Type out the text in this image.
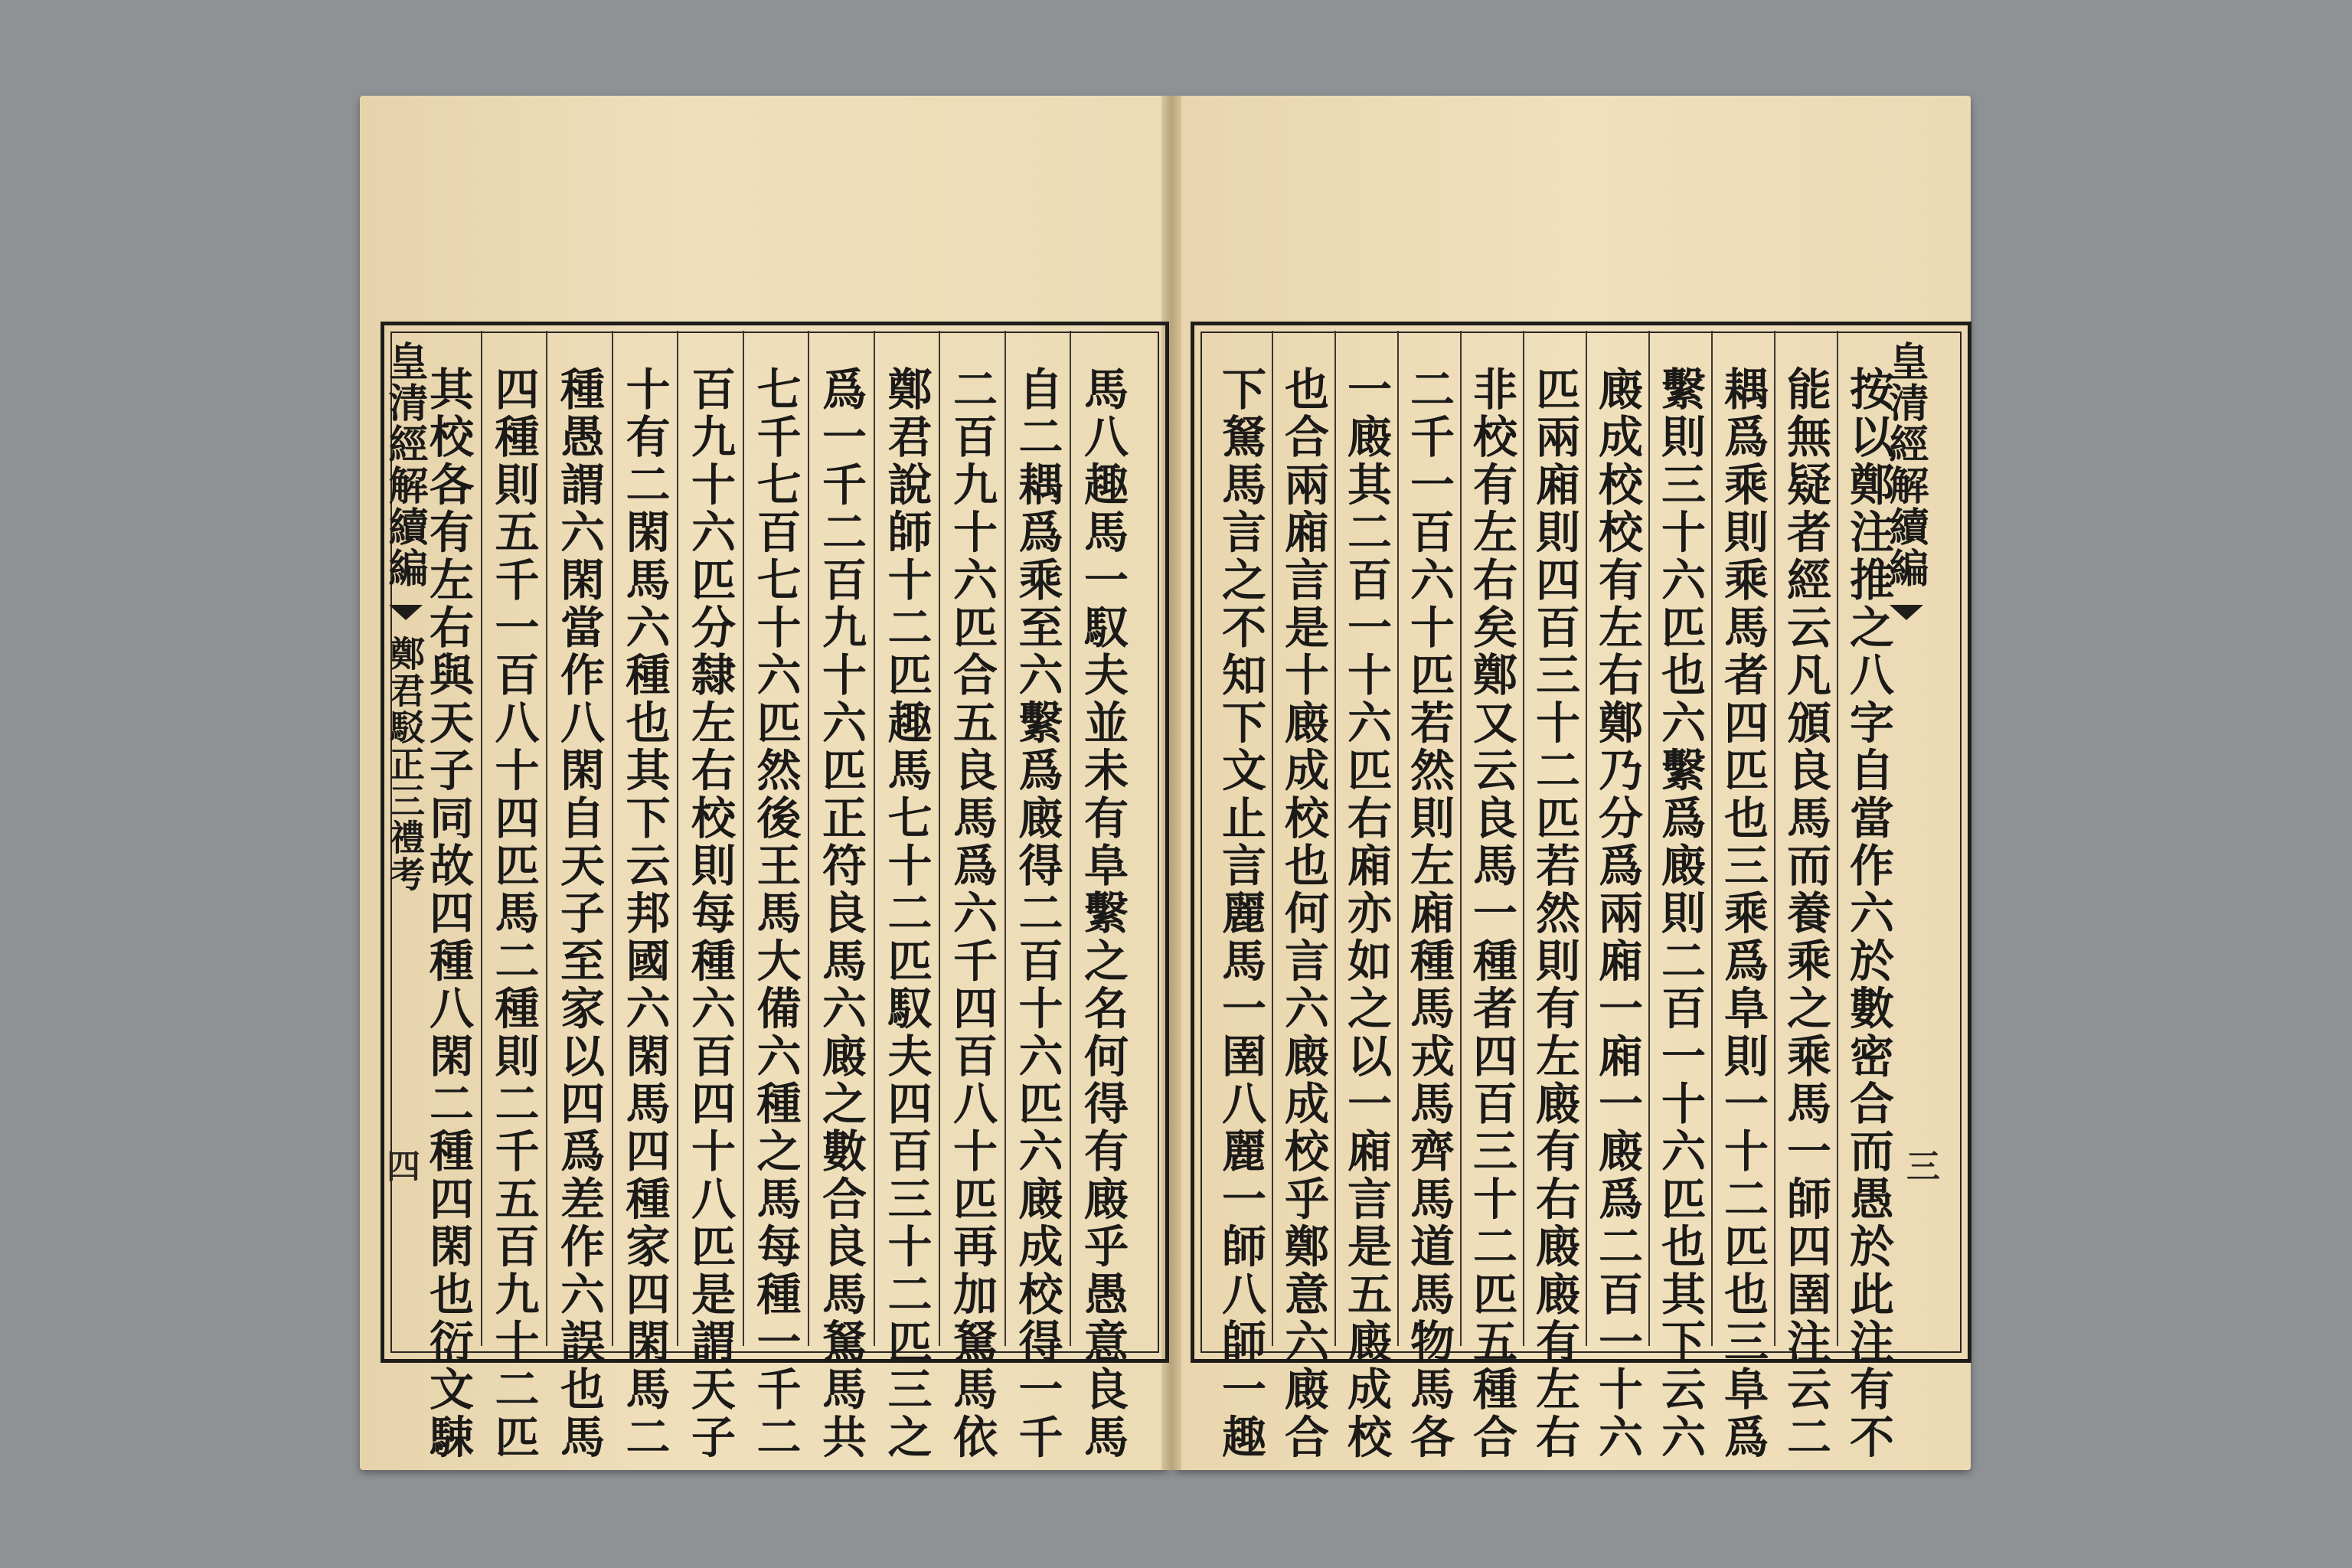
皇清經解續編
鄭君駁正三禮考
四
皇清經解續編
三
馬八趣馬一馭夫並未有阜繫之名何得有廄乎愚意良馬
自二耦爲乘至六繫爲廄得二百十六匹六廄成校得一千
二百九十六匹合五良馬爲六千四百八十匹再加駑馬依
鄭君說師十二匹趣馬七十二匹馭夫四百三十二匹三之
爲一千二百九十六匹正符良馬六廄之數合良馬駑馬共
七千七百七十六匹然後王馬大備六種之馬每種一千二
百九十六匹分隸左右校則每種六百四十八匹是謂天子
十有二閑馬六種也其下云邦國六閑馬四種家四閑馬二
種愚謂六閑當作八閑自天子至家以四爲差作六誤也馬
四種則五千一百八十四匹馬二種則二千五百九十二匹
其校各有左右與天子同故四種八閑二種四閑也衍文駷	按以鄭注推之八字自當作六於數密合而愚於此注有不
能無疑者經云凡頒良馬而養乘之乘馬一師四圉注云二
耦爲乘則乘馬者四匹也三乘爲阜則一十二匹也三阜爲
繫則三十六匹也六繫爲廄則二百一十六匹也其下云六
廄成校校有左右鄭乃分爲兩廂一廂一廄爲二百一十六
匹兩廂則四百三十二匹若然則有左廄有右廄廄有左右
非校有左右矣鄭又云良馬一種者四百三十二匹五種合
二千一百六十匹若然則左廂種馬戎馬齊馬道馬物馬各
一廄其二百一十六匹右廂亦如之以一廂言是五廄成校
也合兩廂言是十廄成校也何言六廄成校乎鄭意六廄合
下駑馬言之不知下文止言麗馬一圉八麗一師八師一趣
